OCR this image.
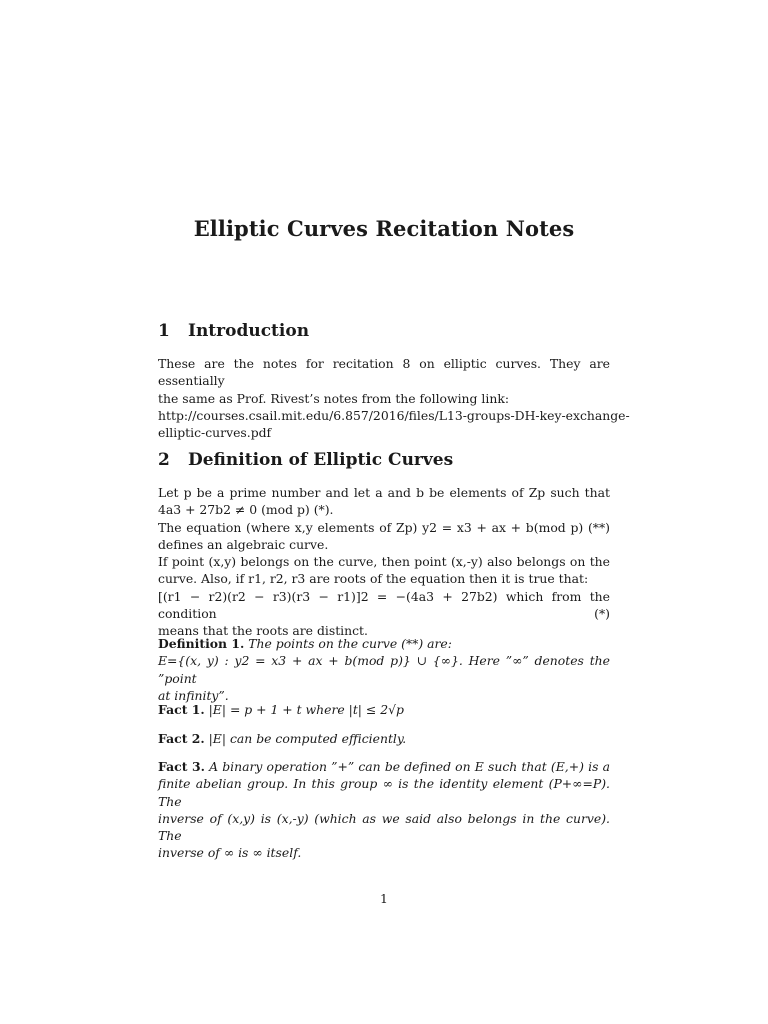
Elliptic Curves Recitation Notes
1 Introduction
These are the notes for recitation 8 on elliptic curves. They are essentially
the same as Prof. Rivest’s notes from the following link:
http://courses.csail.mit.edu/6.857/2016/files/L13-groups-DH-key-exchange-
elliptic-curves.pdf
2 Definition of Elliptic Curves
Let p be a prime number and let a and b be elements of Zp such that
4a3 + 27b2 ≠ 0 (mod p) (*).
The equation (where x,y elements of Zp) y2 = x3 + ax + b(mod p) (**)
defines an algebraic curve.
If point (x,y) belongs on the curve, then point (x,-y) also belongs on the
curve. Also, if r1, r2, r3 are roots of the equation then it is true that:
[(r1 − r2)(r2 − r3)(r3 − r1)]2 = −(4a3 + 27b2) which from the condition (*)
means that the roots are distinct.
Definition 1. The points on the curve (**) are:
E={(x, y) : y2 = x3 + ax + b(mod p)} ∪ {∞}. Here ”∞” denotes the ”point
at infinity”.
Fact 1. |E| = p + 1 + t where |t| ≤ 2√p
Fact 2. |E| can be computed efficiently.
Fact 3. A binary operation ”+” can be defined on E such that (E,+) is a
finite abelian group. In this group ∞ is the identity element (P+∞=P). The
inverse of (x,y) is (x,-y) (which as we said also belongs in the curve). The
inverse of ∞ is ∞ itself.
1
